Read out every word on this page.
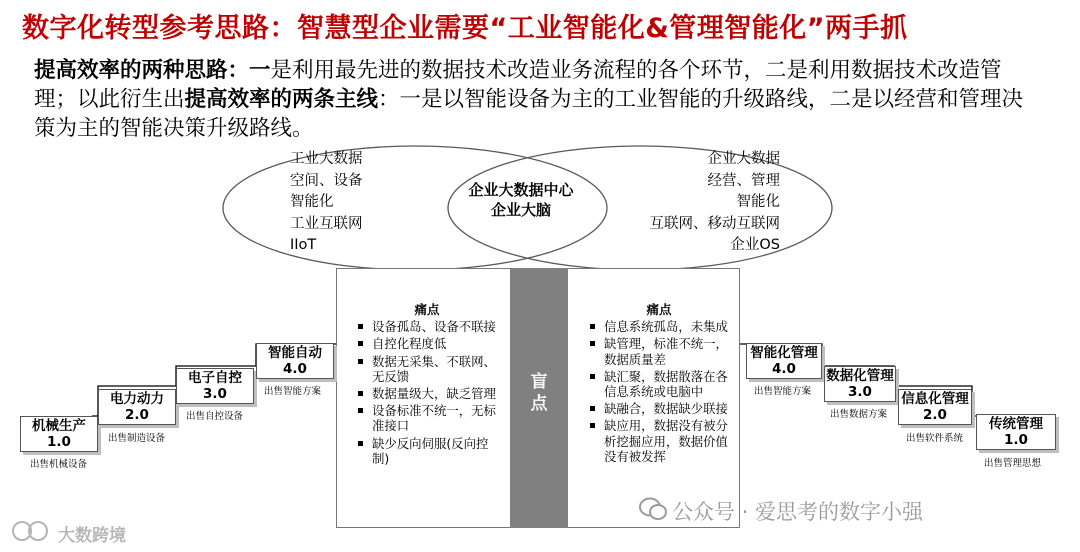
数字化转型参考思路：智慧型企业需要“工业智能化&管理智能化”两手抓
提高效率的两种思路：一是利用最先进的数据技术改造业务流程的各个环节，二是利用数据技术改造管理；以此衍生出提高效率的两条主线：一是以智能设备为主的工业智能的升级路线，二是以经营和管理决策为主的智能决策升级路线。
工业大数据
空间、设备
智能化
工业互联网
IIoT
企业大数据
经营、管理
智能化
互联网、移动互联网
企业OS
企业大数据中心
企业大脑
盲点
痛点
设备孤岛、设备不联接
自控化程度低
数据无采集、不联网、无反馈
数据量级大，缺乏管理
设备标准不统一，无标准接口
缺少反向伺服(反向控制)
痛点
信息系统孤岛，未集成
缺管理，标准不统一，数据质量差
缺汇聚，数据散落在各信息系统或电脑中
缺融合，数据缺少联接
缺应用，数据没有被分析挖掘应用，数据价值没有被发挥
机械生产
1.0
出售机械设备
电力动力
2.0
出售制造设备
电子自控
3.0
出售自控设备
智能自动
4.0
出售智能方案
智能化管理
4.0
出售智能方案
数据化管理
3.0
出售数据方案
信息化管理
2.0
出售软件系统
传统管理
1.0
出售管理思想
大数跨境
公众号 · 爱思考的数字小强
